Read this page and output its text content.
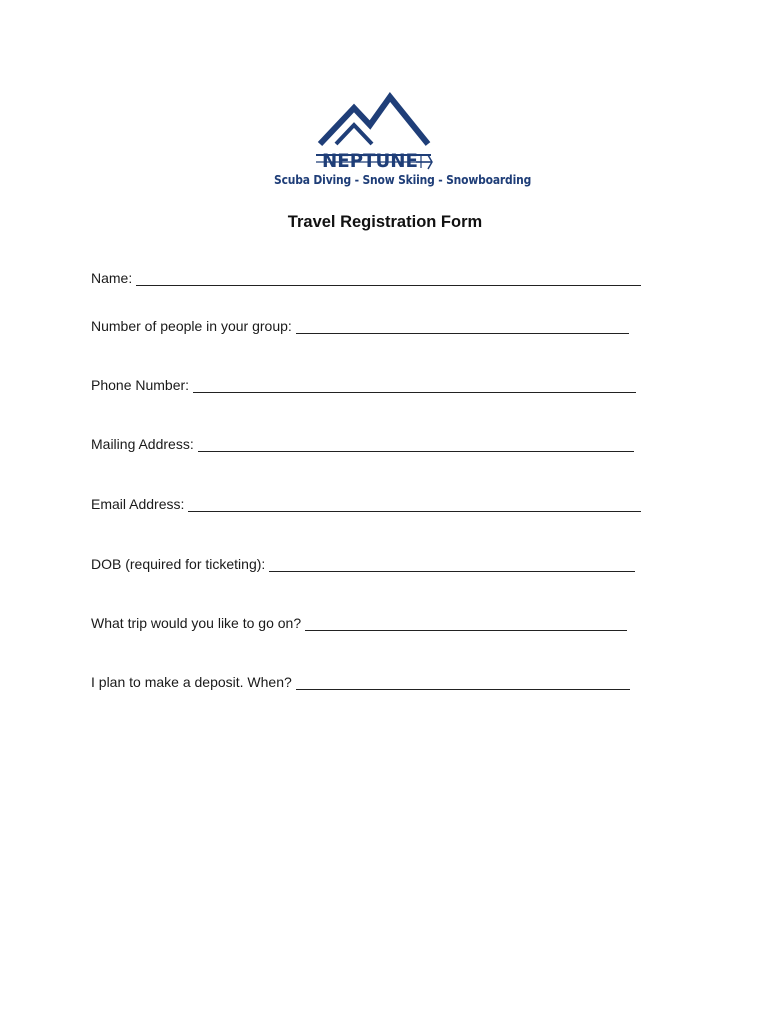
NEPTUNE
Scuba Diving - Snow Skiing - Snowboarding
Travel Registration Form
Name:
Number of people in your group:
Phone Number:
Mailing Address:
Email Address:
DOB (required for ticketing):
What trip would you like to go on?
I plan to make a deposit. When?
